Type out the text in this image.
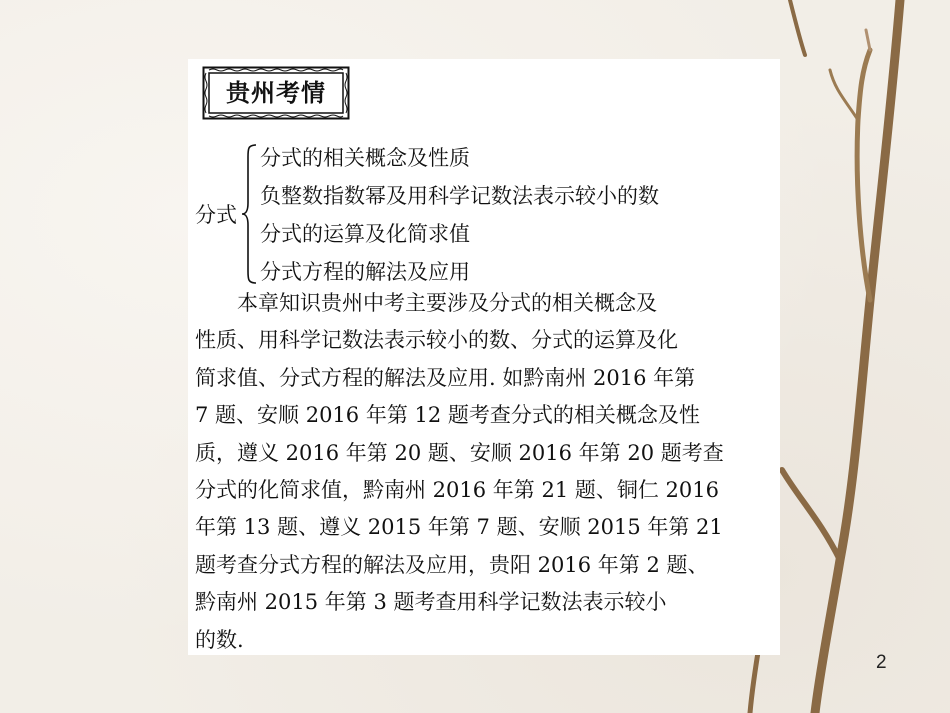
贵州考情
分式
分式的相关概念及性质
负整数指数幂及用科学记数法表示较小的数
分式的运算及化简求值
分式方程的解法及应用
　　本章知识贵州中考主要涉及分式的相关概念及
性质、用科学记数法表示较小的数、分式的运算及化
简求值、分式方程的解法及应用. 如黔南州 2016 年第
7 题、安顺 2016 年第 12 题考查分式的相关概念及性
质，遵义 2016 年第 20 题、安顺 2016 年第 20 题考查
分式的化简求值，黔南州 2016 年第 21 题、铜仁 2016
年第 13 题、遵义 2015 年第 7 题、安顺 2015 年第 21
题考查分式方程的解法及应用，贵阳 2016 年第 2 题、
黔南州 2015 年第 3 题考查用科学记数法表示较小
的数.
2
